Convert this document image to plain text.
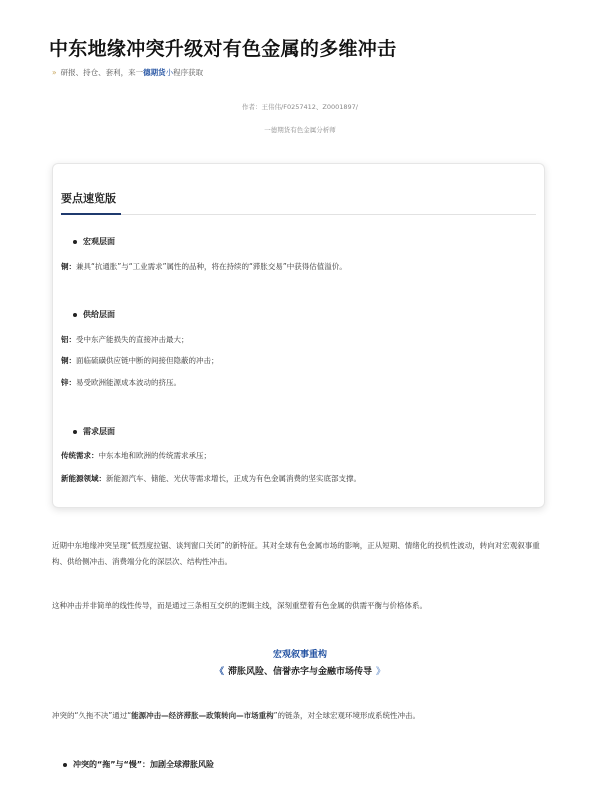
中东地缘冲突升级对有色金属的多维冲击
» 研报、持仓、套利，来一德期货小程序获取
作者：王伟伟/F0257412、Z0001897/
一德期货有色金属分析师
要点速览版
宏观层面
铜：兼具“抗通胀”与“工业需求”属性的品种，将在持续的“滞胀交易”中获得估值溢价。
供给层面
铝：受中东产能损失的直接冲击最大；
铜：面临硫磺供应链中断的间接但隐蔽的冲击；
锌：易受欧洲能源成本波动的挤压。
需求层面
传统需求：中东本地和欧洲的传统需求承压；
新能源领域：新能源汽车、储能、光伏等需求增长，正成为有色金属消费的坚实底部支撑。
近期中东地缘冲突呈现“低烈度拉锯、谈判窗口关闭”的新特征。其对全球有色金属市场的影响，正从短期、情绪化的投机性波动，转向对宏观叙事重构、供给侧冲击、消费端分化的深层次、结构性冲击。
这种冲击并非简单的线性传导，而是通过三条相互交织的逻辑主线，深刻重塑着有色金属的供需平衡与价格体系。
宏观叙事重构
《 滞胀风险、信誉赤字与金融市场传导 》
冲突的“久拖不决”通过“能源冲击—经济滞胀—政策转向—市场重构”的链条，对全球宏观环境形成系统性冲击。
冲突的“拖”与“慢”：加剧全球滞胀风险
